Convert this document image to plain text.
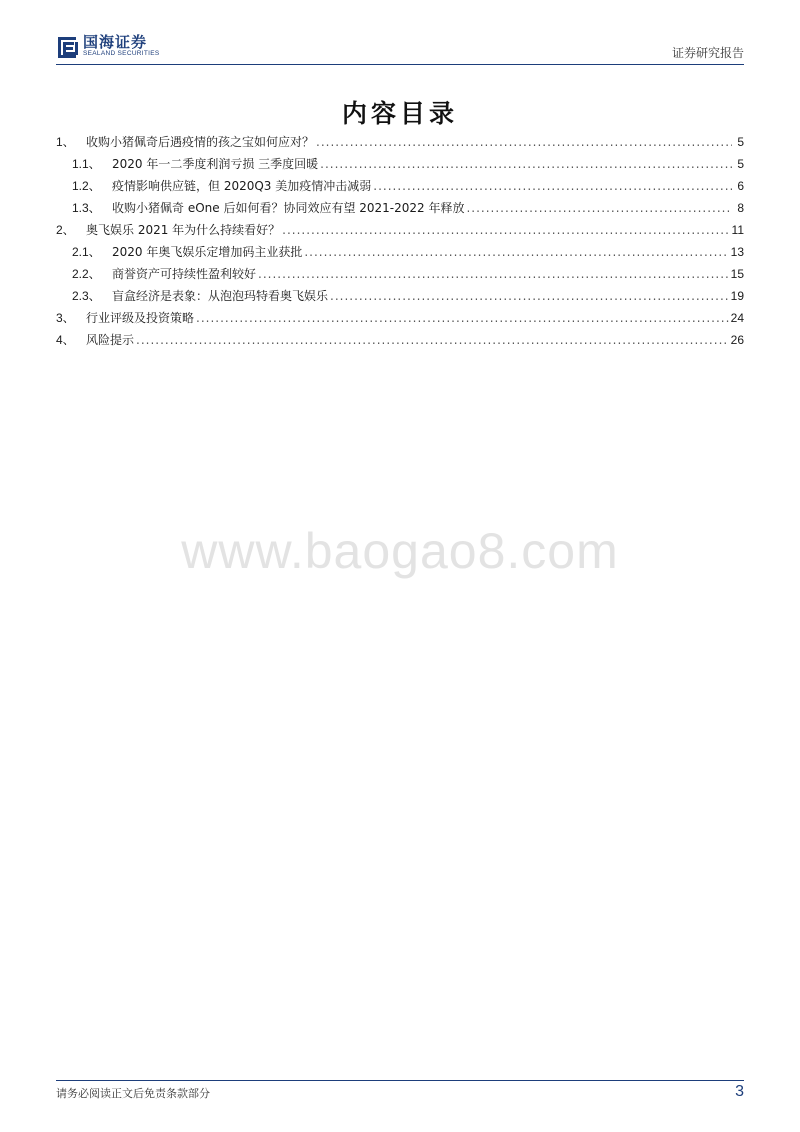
国海证券
SEALAND SECURITIES	证券研究报告
内容目录
1、 收购小猪佩奇后遇疫情的孩之宝如何应对？ .....	5
1.1、 2020 年一二季度利润亏损 三季度回暖 .....	5
1.2、 疫情影响供应链，但 2020Q3 美加疫情冲击减弱 .....	6
1.3、 收购小猪佩奇 eOne 后如何看？协同效应有望 2021-2022 年释放 .....	8
2、 奥飞娱乐 2021 年为什么持续看好？ .....	11
2.1、 2020 年奥飞娱乐定增加码主业获批 .....	13
2.2、 商誉资产可持续性盈利较好 .....	15
2.3、 盲盒经济是表象：从泡泡玛特看奥飞娱乐 .....	19
3、 行业评级及投资策略 .....	24
4、 风险提示 .....	26
www.baogao8.com
请务必阅读正文后免责条款部分	3
